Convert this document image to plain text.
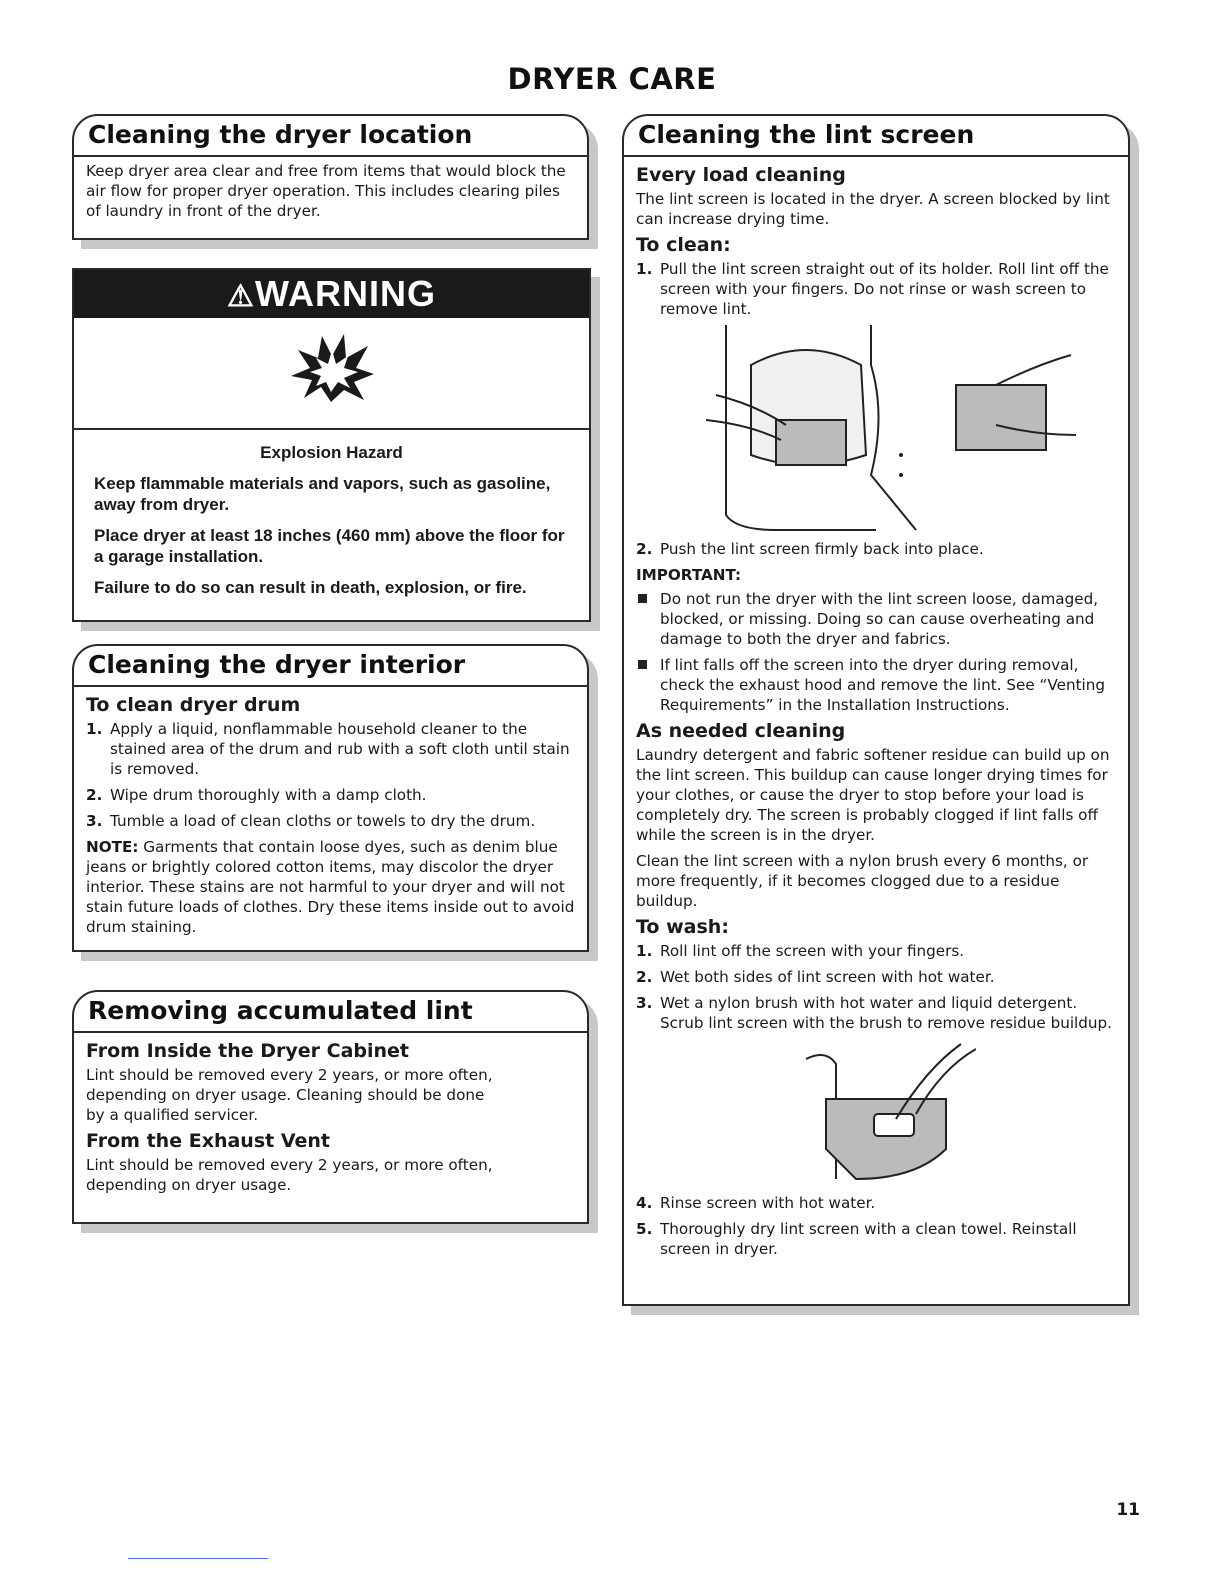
DRYER CARE
Cleaning the dryer location

Keep dryer area clear and free from items that would block the air flow for proper dryer operation. This includes clearing piles of laundry in front of the dryer.

⚠WARNING
Explosion Hazard

Keep flammable materials and vapors, such as gasoline, away from dryer.

Place dryer at least 18 inches (460 mm) above the floor for a garage installation.

Failure to do so can result in death, explosion, or fire.

Cleaning the dryer interior
To clean dryer drum
1. Apply a liquid, nonflammable household cleaner to the stained area of the drum and rub with a soft cloth until stain is removed.
2. Wipe drum thoroughly with a damp cloth.
3. Tumble a load of clean cloths or towels to dry the drum.

NOTE: Garments that contain loose dyes, such as denim blue jeans or brightly colored cotton items, may discolor the dryer interior. These stains are not harmful to your dryer and will not stain future loads of clothes. Dry these items inside out to avoid drum staining.

Removing accumulated lint
From Inside the Dryer Cabinet

Lint should be removed every 2 years, or more often, depending on dryer usage. Cleaning should be done by a qualified servicer.

From the Exhaust Vent

Lint should be removed every 2 years, or more often, depending on dryer usage.

Cleaning the lint screen
Every load cleaning

The lint screen is located in the dryer. A screen blocked by lint can increase drying time.

To clean:
1. Pull the lint screen straight out of its holder. Roll lint off the screen with your fingers. Do not rinse or wash screen to remove lint.
2. Push the lint screen firmly back into place.
IMPORTANT:
Do not run the dryer with the lint screen loose, damaged, blocked, or missing. Doing so can cause overheating and damage to both the dryer and fabrics.
If lint falls off the screen into the dryer during removal, check the exhaust hood and remove the lint. See “Venting Requirements” in the Installation Instructions.
As needed cleaning

Laundry detergent and fabric softener residue can build up on the lint screen. This buildup can cause longer drying times for your clothes, or cause the dryer to stop before your load is completely dry. The screen is probably clogged if lint falls off while the screen is in the dryer.

Clean the lint screen with a nylon brush every 6 months, or more frequently, if it becomes clogged due to a residue buildup.

To wash:
1. Roll lint off the screen with your fingers.
2. Wet both sides of lint screen with hot water.
3. Wet a nylon brush with hot water and liquid detergent. Scrub lint screen with the brush to remove residue buildup.
4. Rinse screen with hot water.
5. Thoroughly dry lint screen with a clean towel. Reinstall screen in dryer.
11
